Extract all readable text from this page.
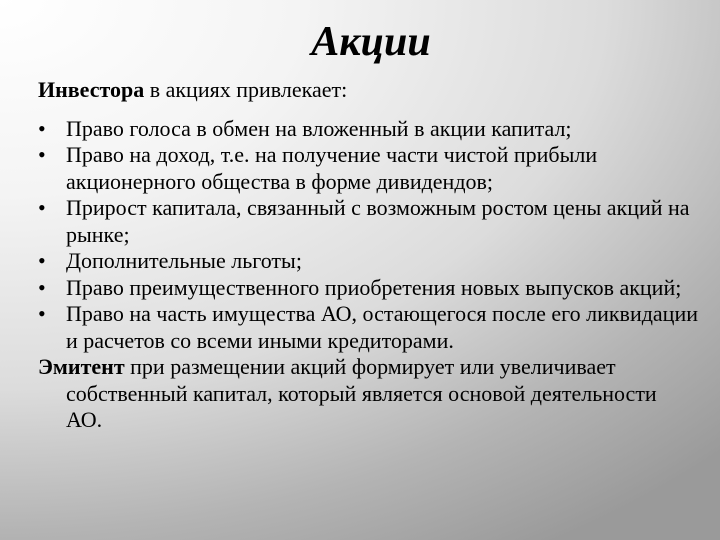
Акции

Инвестора в акциях привлекает:

• Право голоса в обмен на вложенный в акции капитал;
• Право на доход, т.е. на получение части чистой прибыли акционерного общества в форме дивидендов;
• Прирост капитала, связанный с возможным ростом цены акций на рынке;
• Дополнительные льготы;
• Право преимущественного приобретения новых выпусков акций;
• Право на часть имущества АО, остающегося после его ликвидации и расчетов со всеми иными кредиторами.

Эмитент при размещении акций формирует или увеличивает собственный капитал, который является основой деятельности АО.
